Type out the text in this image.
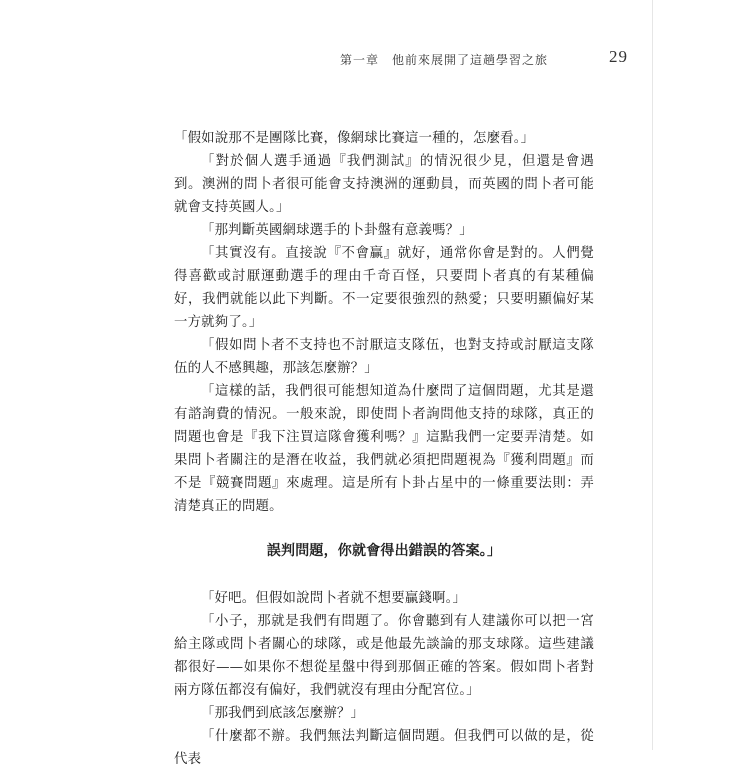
第一章　他前來展開了這趟學習之旅	29

「假如說那不是團隊比賽，像網球比賽這一種的，怎麼看。」

「對於個人選手通過『我們測試』的情況很少見，但還是會遇到。澳洲的問卜者很可能會支持澳洲的運動員，而英國的問卜者可能就會支持英國人。」

「那判斷英國網球選手的卜卦盤有意義嗎？」

「其實沒有。直接說『不會贏』就好，通常你會是對的。人們覺得喜歡或討厭運動選手的理由千奇百怪，只要問卜者真的有某種偏好，我們就能以此下判斷。不一定要很強烈的熱愛；只要明顯偏好某一方就夠了。」

「假如問卜者不支持也不討厭這支隊伍，也對支持或討厭這支隊伍的人不感興趣，那該怎麼辦？」

「這樣的話，我們很可能想知道為什麼問了這個問題，尤其是還有諮詢費的情況。一般來說，即使問卜者詢問他支持的球隊，真正的問題也會是『我下注買這隊會獲利嗎？』這點我們一定要弄清楚。如果問卜者關注的是潛在收益，我們就必須把問題視為『獲利問題』而不是『競賽問題』來處理。這是所有卜卦占星中的一條重要法則：弄清楚真正的問題。

誤判問題，你就會得出錯誤的答案。」

「好吧。但假如說問卜者就不想要贏錢啊。」

「小子，那就是我們有問題了。你會聽到有人建議你可以把一宮給主隊或問卜者關心的球隊，或是他最先談論的那支球隊。這些建議都很好——如果你不想從星盤中得到那個正確的答案。假如問卜者對兩方隊伍都沒有偏好，我們就沒有理由分配宮位。」

「那我們到底該怎麼辦？」

「什麼都不辦。我們無法判斷這個問題。但我們可以做的是，從代表
